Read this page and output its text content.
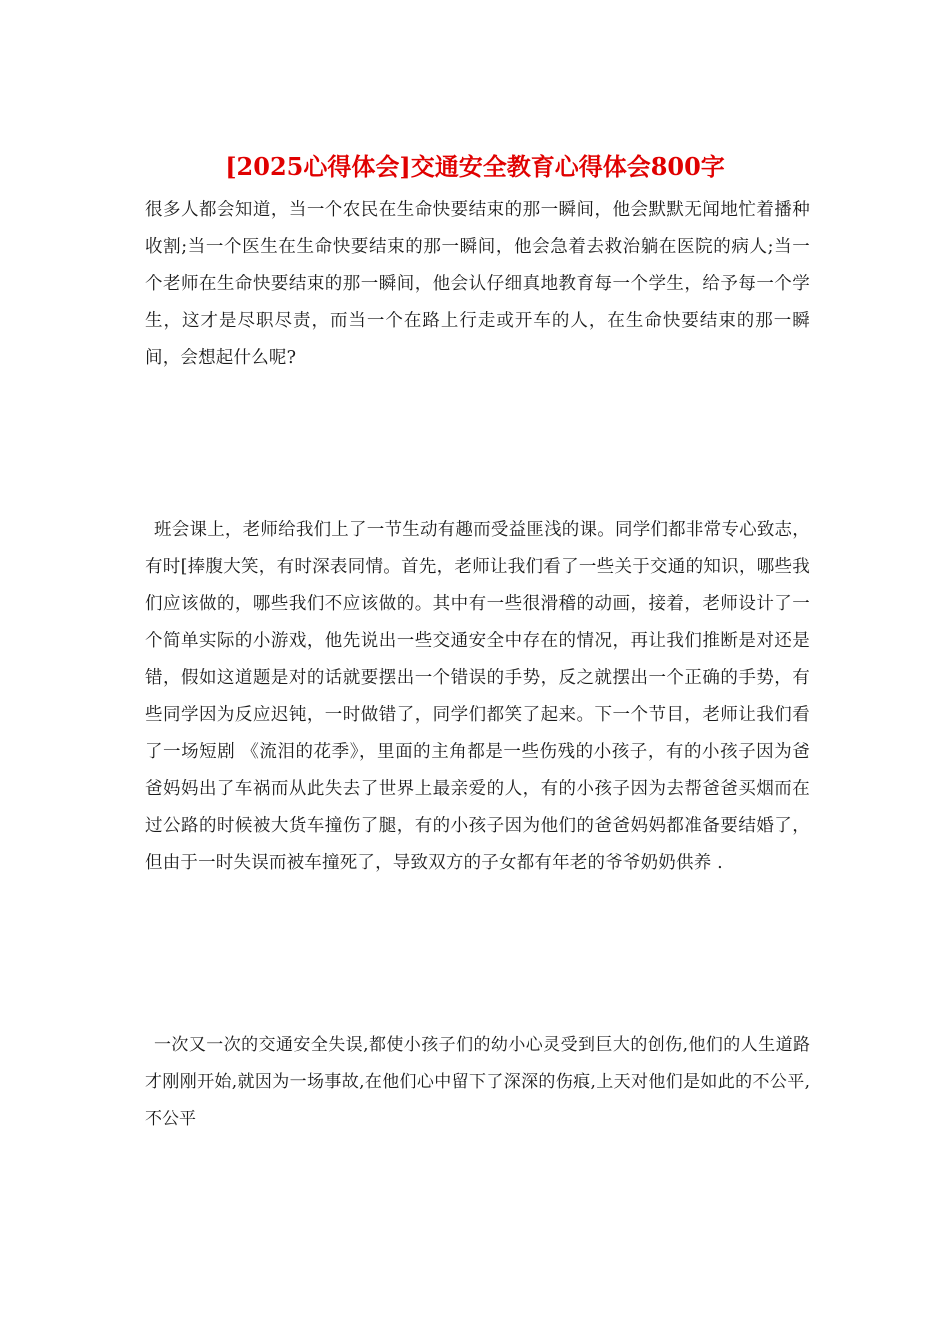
[2025心得体会]交通安全教育心得体会800字

很多人都会知道，当一个农民在生命快要结束的那一瞬间，他会默默无闻地忙着播种收割;当一个医生在生命快要结束的那一瞬间，他会急着去救治躺在医院的病人;当一个老师在生命快要结束的那一瞬间，他会认仔细真地教育每一个学生，给予每一个学生，这才是尽职尽责，而当一个在路上行走或开车的人，在生命快要结束的那一瞬间，会想起什么呢?

班会课上，老师给我们上了一节生动有趣而受益匪浅的课。同学们都非常专心致志，有时[捧腹大笑，有时深表同情。首先，老师让我们看了一些关于交通的知识，哪些我们应该做的，哪些我们不应该做的。其中有一些很滑稽的动画，接着，老师设计了一个简单实际的小游戏，他先说出一些交通安全中存在的情况，再让我们推断是对还是错，假如这道题是对的话就要摆出一个错误的手势，反之就摆出一个正确的手势，有些同学因为反应迟钝，一时做错了，同学们都笑了起来。下一个节目，老师让我们看了一场短剧 《流泪的花季》，里面的主角都是一些伤残的小孩子，有的小孩子因为爸爸妈妈出了车祸而从此失去了世界上最亲爱的人，有的小孩子因为去帮爸爸买烟而在过公路的时候被大货车撞伤了腿，有的小孩子因为他们的爸爸妈妈都准备要结婚了，但由于一时失误而被车撞死了，导致双方的子女都有年老的爷爷奶奶供养 .

一次又一次的交通安全失误,都使小孩子们的幼小心灵受到巨大的创伤,他们的人生道路才刚刚开始,就因为一场事故,在他们心中留下了深深的伤痕,上天对他们是如此的不公平,不公平
